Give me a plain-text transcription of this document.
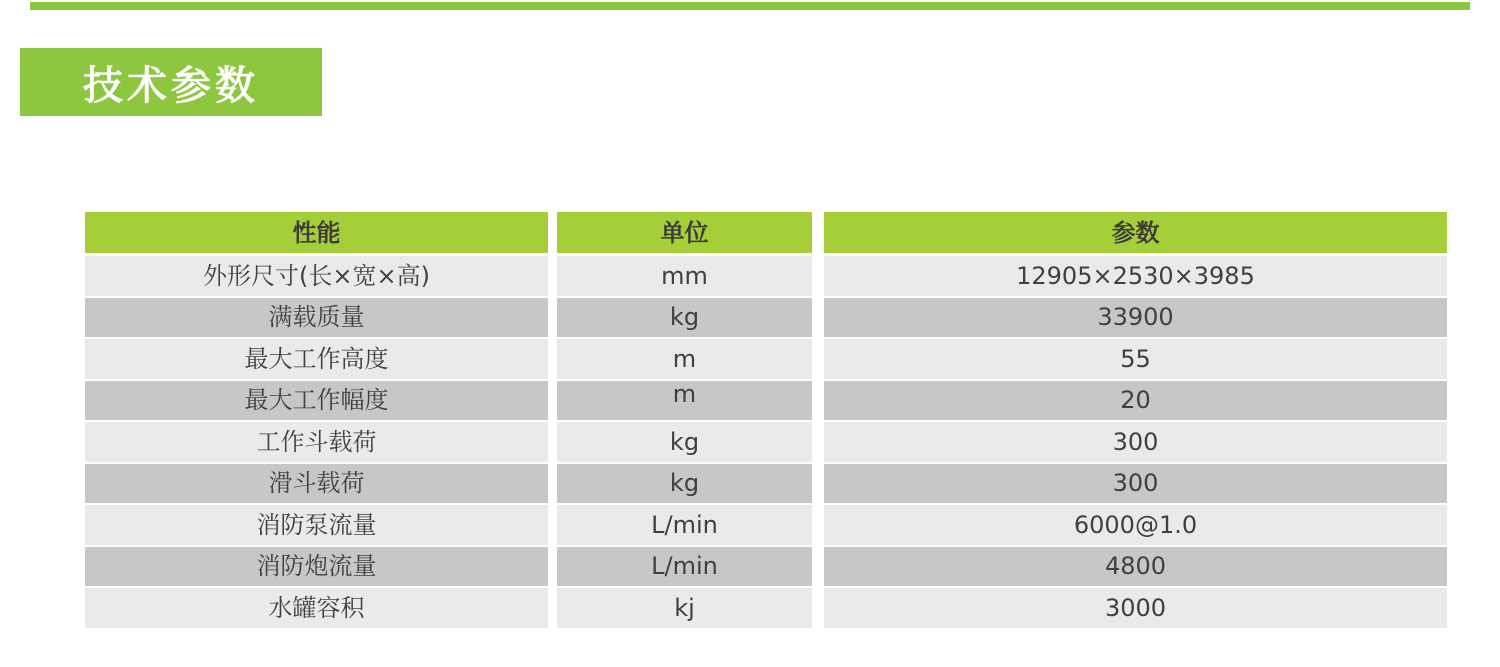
技术参数
性能	单位	参数
外形尺寸(长×宽×高)	mm	12905×2530×3985
满载质量	kg	33900
最大工作高度	m	55
最大工作幅度	m	20
工作斗载荷	kg	300
滑斗载荷	kg	300
消防泵流量	L/min	6000@1.0
消防炮流量	L/min	4800
水罐容积	kj	3000
